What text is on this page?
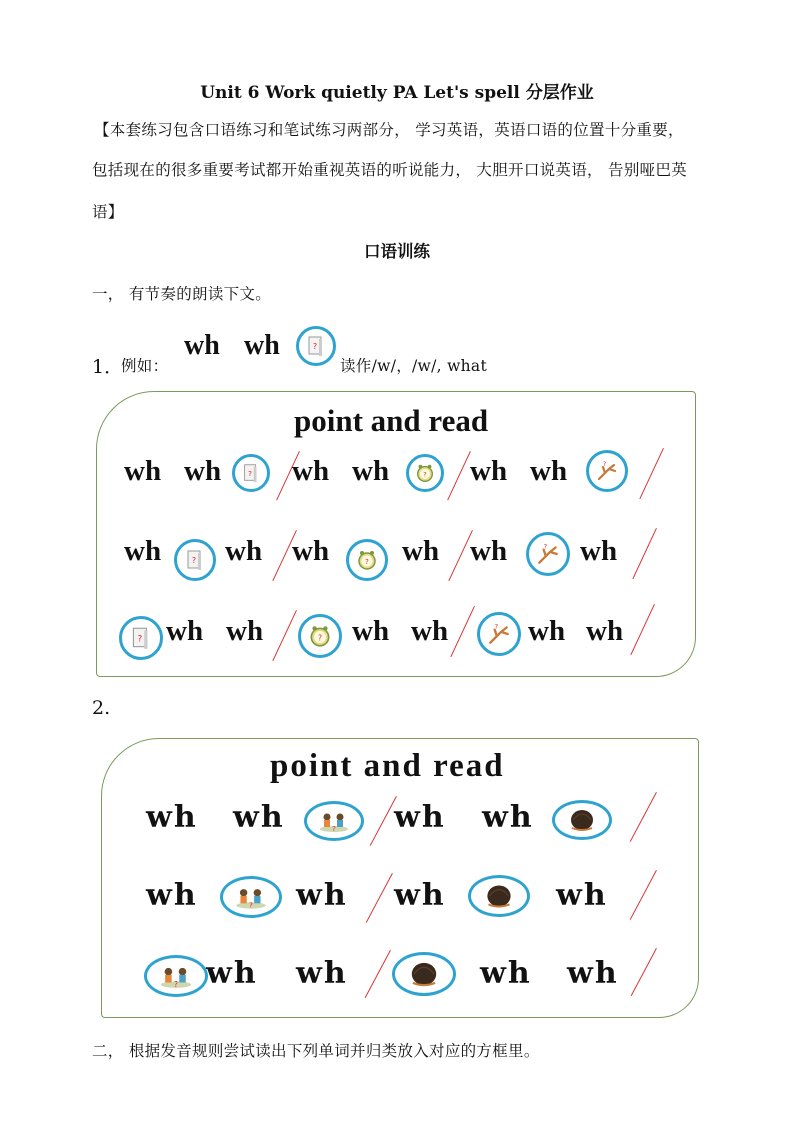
Unit 6 Work quietly PA Let's spell 分层作业
【本套练习包含口语练习和笔试练习两部分， 学习英语，英语口语的位置十分重要，
包括现在的很多重要考试都开始重视英语的听说能力， 大胆开口说英语， 告别哑巴英
语】
口语训练
一， 有节奏的朗读下文。
1．
例如：
wh wh
读作/w/，/w/, what
point and read
wh wh wh wh	wh wh
wh wh wh	wh wh	wh
wh wh	wh wh	wh wh
2.
point and read
wh wh	wh wh
wh	wh wh	wh
wh wh	wh wh
二， 根据发音规则尝试读出下列单词并归类放入对应的方框里。
